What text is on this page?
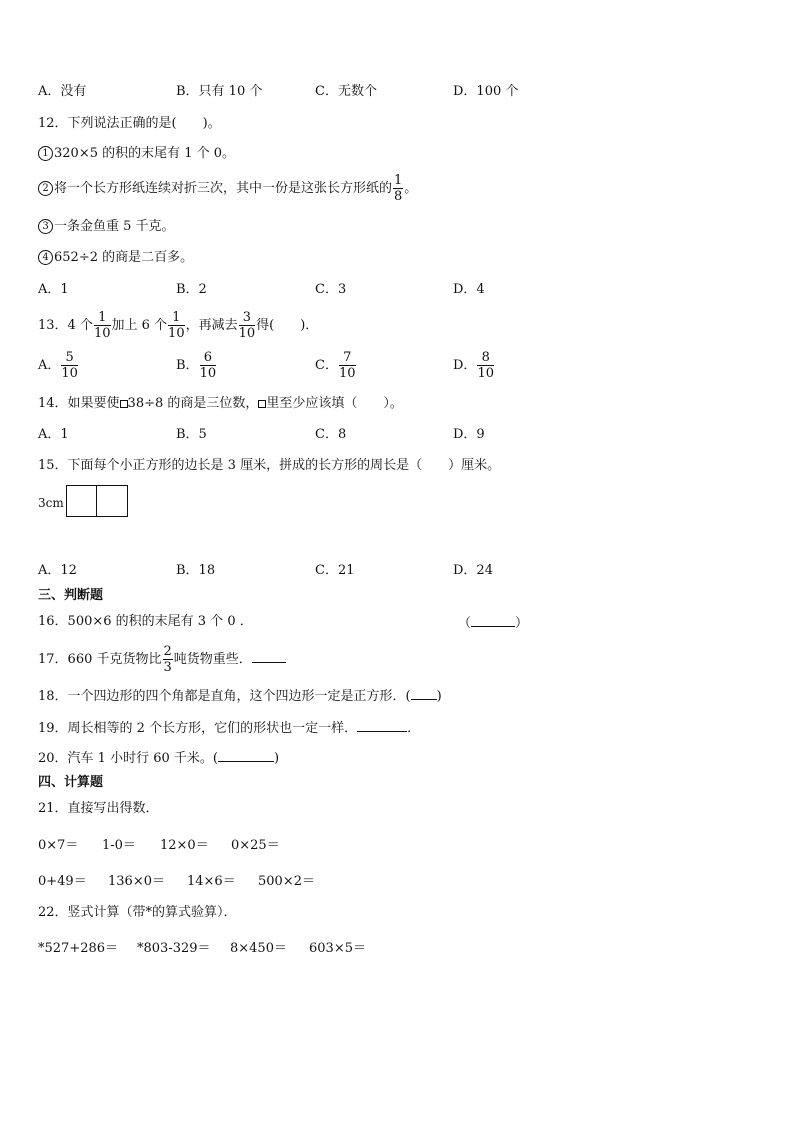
A．没有	B．只有 10 个	C．无数个	D．100 个
12．下列说法正确的是(　　)。
1 320×5 的积的末尾有 1 个 0。
2 将一个长方形纸连续对折三次，其中一份是这张长方形纸的 $\frac{1}{8}$ 。
3 一条金鱼重 5 千克。
4 652÷2 的商是二百多。
A．1	B．2	C．3	D．4
13．4 个 $\frac{1}{10}$ 加上 6 个 $\frac{1}{10}$ ，再减去 $\frac{3}{10}$ 得(　　)．
A． $\frac{5}{10}$	B． $\frac{6}{10}$	C． $\frac{7}{10}$	D． $\frac{8}{10}$
14．如果要使 38÷8 的商是三位数， 里至少应该填（　　）。
A．1	B．5	C．8	D．9
15．下面每个小正方形的边长是 3 厘米，拼成的长方形的周长是（　　）厘米。
3cm
A．12	B．18	C．21	D．24
三、判断题
16．500×6 的积的末尾有 3 个 0 ．	（	）
17．660 千克货物比 $\frac{2}{3}$ 吨货物重些．
18．一个四边形的四个角都是直角，这个四边形一定是正方形．( )
19．周长相等的 2 个长方形，它们的形状也一定一样．	．
20．汽车 1 小时行 60 千米。(	)
四、计算题
21．直接写出得数．
0×7＝ 1-0＝ 12×0＝ 0×25＝
0+49＝ 136×0＝ 14×6＝ 500×2＝
22．竖式计算（带*的算式验算）．
*527+286＝ *803-329＝ 8×450＝ 603×5＝
